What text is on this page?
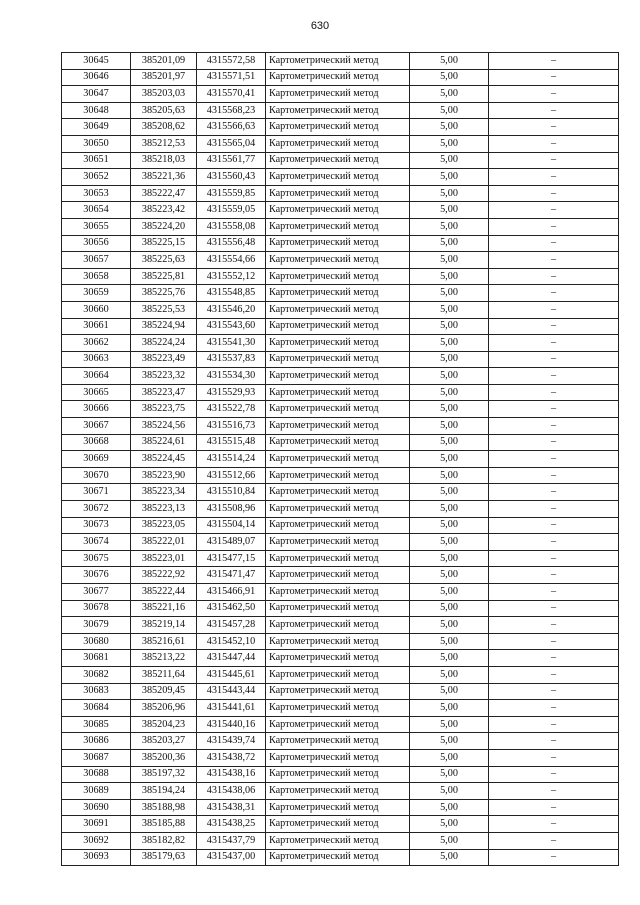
630
30645	385201,09	4315572,58	Картометрический метод	5,00	–
30646	385201,97	4315571,51	Картометрический метод	5,00	–
30647	385203,03	4315570,41	Картометрический метод	5,00	–
30648	385205,63	4315568,23	Картометрический метод	5,00	–
30649	385208,62	4315566,63	Картометрический метод	5,00	–
30650	385212,53	4315565,04	Картометрический метод	5,00	–
30651	385218,03	4315561,77	Картометрический метод	5,00	–
30652	385221,36	4315560,43	Картометрический метод	5,00	–
30653	385222,47	4315559,85	Картометрический метод	5,00	–
30654	385223,42	4315559,05	Картометрический метод	5,00	–
30655	385224,20	4315558,08	Картометрический метод	5,00	–
30656	385225,15	4315556,48	Картометрический метод	5,00	–
30657	385225,63	4315554,66	Картометрический метод	5,00	–
30658	385225,81	4315552,12	Картометрический метод	5,00	–
30659	385225,76	4315548,85	Картометрический метод	5,00	–
30660	385225,53	4315546,20	Картометрический метод	5,00	–
30661	385224,94	4315543,60	Картометрический метод	5,00	–
30662	385224,24	4315541,30	Картометрический метод	5,00	–
30663	385223,49	4315537,83	Картометрический метод	5,00	–
30664	385223,32	4315534,30	Картометрический метод	5,00	–
30665	385223,47	4315529,93	Картометрический метод	5,00	–
30666	385223,75	4315522,78	Картометрический метод	5,00	–
30667	385224,56	4315516,73	Картометрический метод	5,00	–
30668	385224,61	4315515,48	Картометрический метод	5,00	–
30669	385224,45	4315514,24	Картометрический метод	5,00	–
30670	385223,90	4315512,66	Картометрический метод	5,00	–
30671	385223,34	4315510,84	Картометрический метод	5,00	–
30672	385223,13	4315508,96	Картометрический метод	5,00	–
30673	385223,05	4315504,14	Картометрический метод	5,00	–
30674	385222,01	4315489,07	Картометрический метод	5,00	–
30675	385223,01	4315477,15	Картометрический метод	5,00	–
30676	385222,92	4315471,47	Картометрический метод	5,00	–
30677	385222,44	4315466,91	Картометрический метод	5,00	–
30678	385221,16	4315462,50	Картометрический метод	5,00	–
30679	385219,14	4315457,28	Картометрический метод	5,00	–
30680	385216,61	4315452,10	Картометрический метод	5,00	–
30681	385213,22	4315447,44	Картометрический метод	5,00	–
30682	385211,64	4315445,61	Картометрический метод	5,00	–
30683	385209,45	4315443,44	Картометрический метод	5,00	–
30684	385206,96	4315441,61	Картометрический метод	5,00	–
30685	385204,23	4315440,16	Картометрический метод	5,00	–
30686	385203,27	4315439,74	Картометрический метод	5,00	–
30687	385200,36	4315438,72	Картометрический метод	5,00	–
30688	385197,32	4315438,16	Картометрический метод	5,00	–
30689	385194,24	4315438,06	Картометрический метод	5,00	–
30690	385188,98	4315438,31	Картометрический метод	5,00	–
30691	385185,88	4315438,25	Картометрический метод	5,00	–
30692	385182,82	4315437,79	Картометрический метод	5,00	–
30693	385179,63	4315437,00	Картометрический метод	5,00	–
